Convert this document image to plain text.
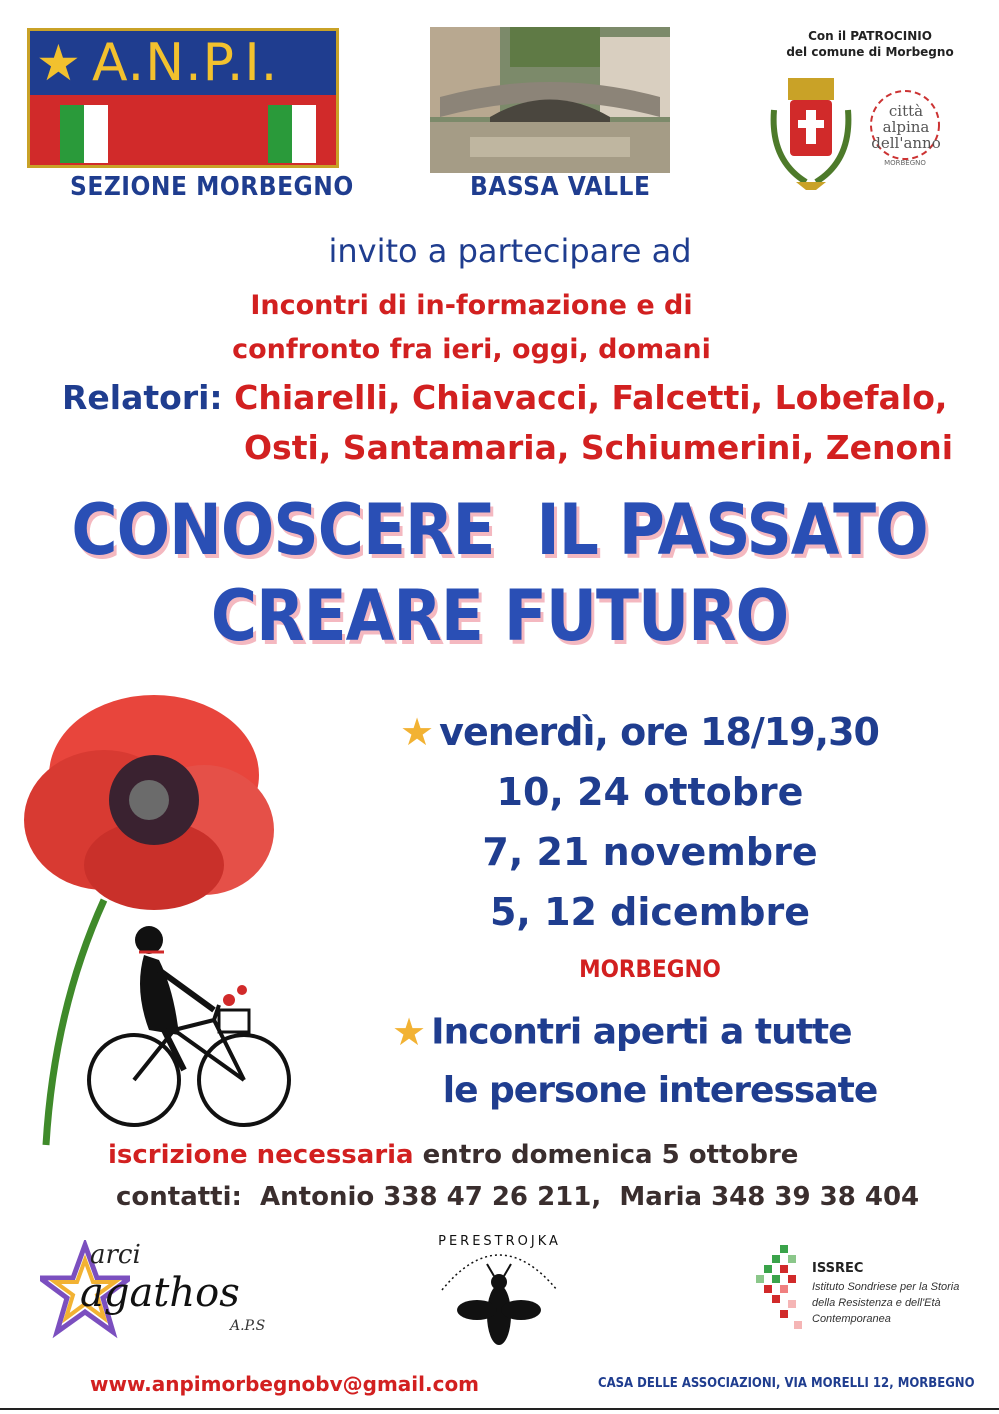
★ A.N.P.I.
SEZIONE MORBEGNO	BASSA VALLE
Con il PATROCINIO
del comune di Morbegno
città alpina dell'anno
MORBEGNO
invito a partecipare ad
Incontri di in-formazione e di
confronto fra ieri, oggi, domani
Relatori: Chiarelli, Chiavacci, Falcetti, Lobefalo,
Osti, Santamaria, Schiumerini, Zenoni
CONOSCERE  IL PASSATO
CREARE FUTURO
★ venerdì, ore 18/19,30
10, 24 ottobre
7, 21 novembre
5, 12 dicembre
MORBEGNO
★ Incontri aperti a tutte
le persone interessate
iscrizione necessaria entro domenica 5 ottobre
contatti:  Antonio 338 47 26 211,  Maria 348 39 38 404
arci
agathos
A.P.S
PERESTROJKA
ISSREC
Istituto Sondriese per la Storia
della Resistenza e dell'Età
Contemporanea
www.anpimorbegnobv@gmail.com	CASA DELLE ASSOCIAZIONI, VIA MORELLI 12, MORBEGNO
